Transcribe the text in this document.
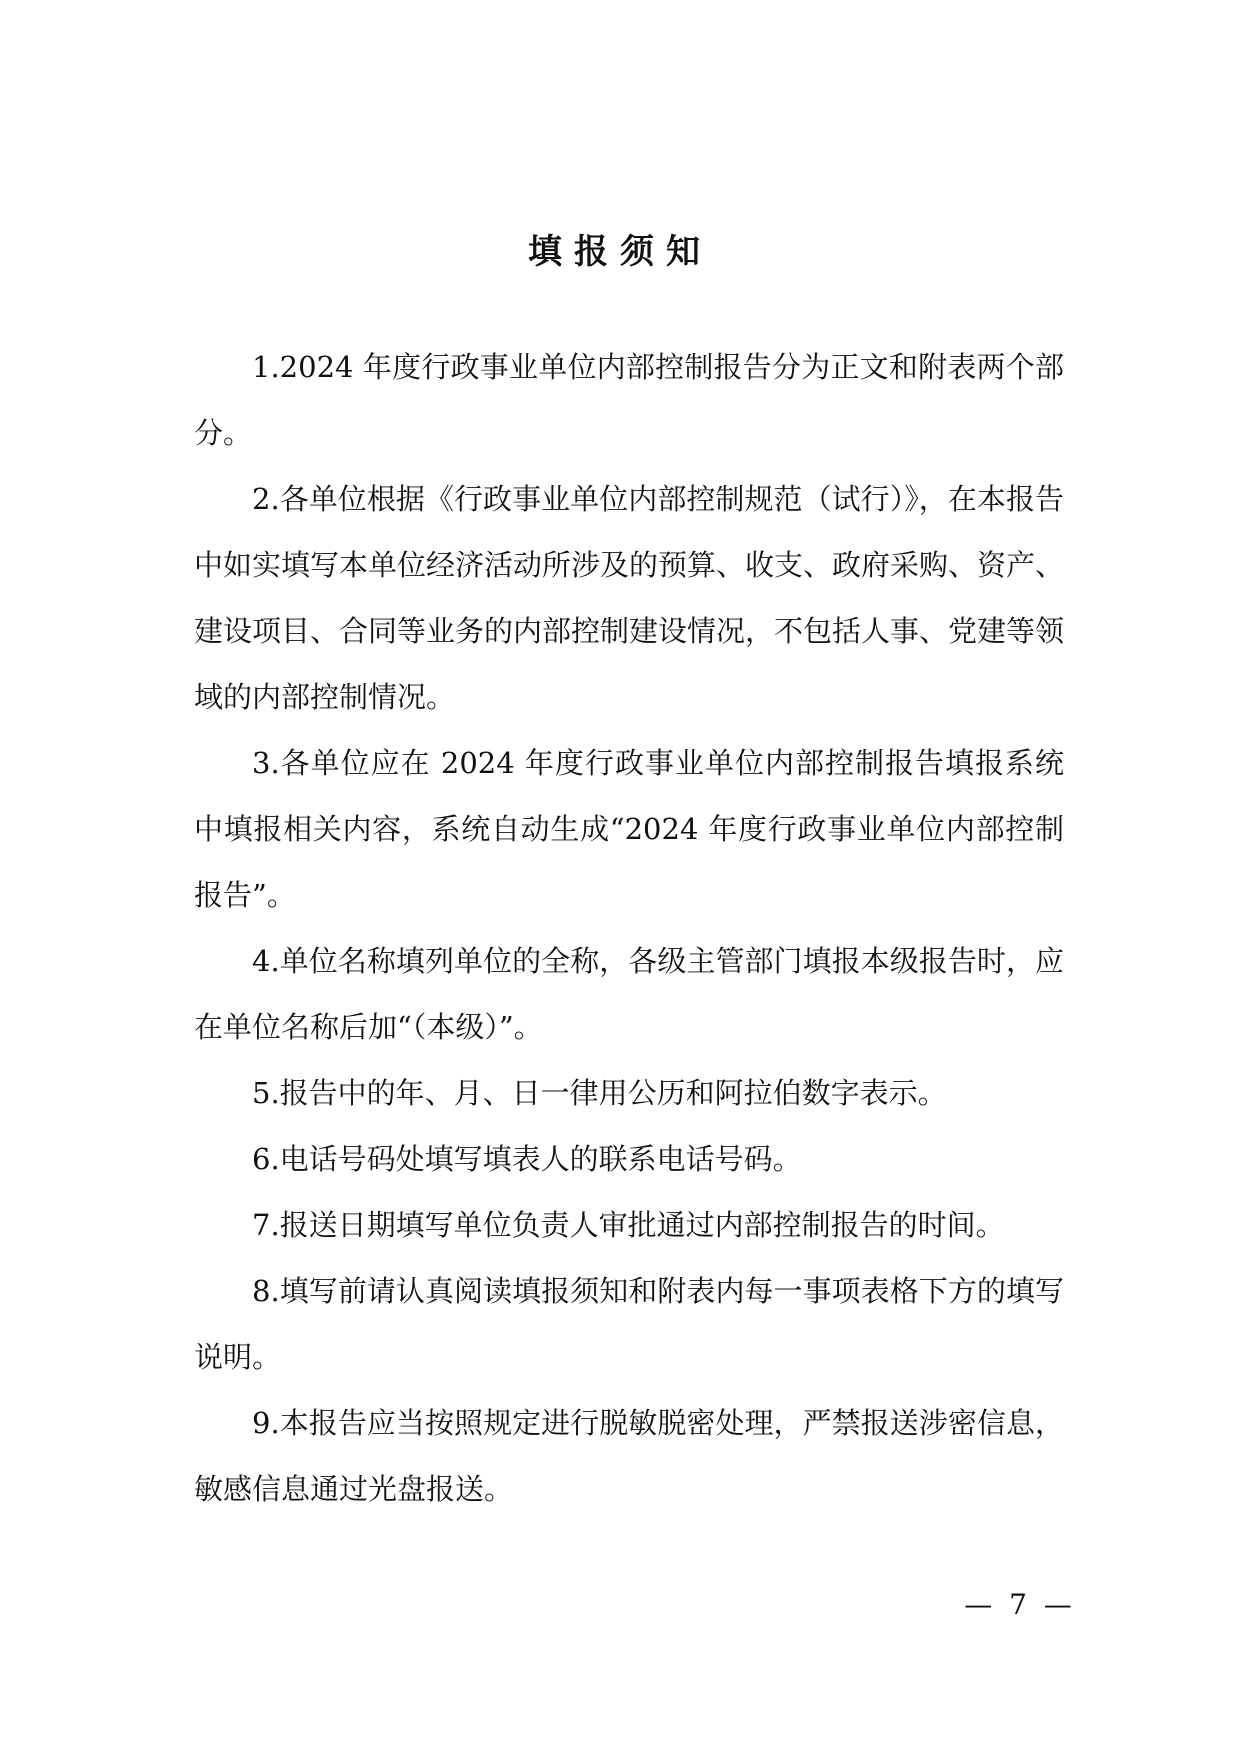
填报须知

1.2024 年度行政事业单位内部控制报告分为正文和附表两个部分。

2.各单位根据《行政事业单位内部控制规范（试行）》，在本报告中如实填写本单位经济活动所涉及的预算、收支、政府采购、资产、建设项目、合同等业务的内部控制建设情况，不包括人事、党建等领域的内部控制情况。

3.各单位应在 2024 年度行政事业单位内部控制报告填报系统中填报相关内容，系统自动生成“2024 年度行政事业单位内部控制报告”。

4.单位名称填列单位的全称，各级主管部门填报本级报告时，应在单位名称后加“（本级）”。

5.报告中的年、月、日一律用公历和阿拉伯数字表示。

6.电话号码处填写填表人的联系电话号码。

7.报送日期填写单位负责人审批通过内部控制报告的时间。

8.填写前请认真阅读填报须知和附表内每一事项表格下方的填写说明。

9.本报告应当按照规定进行脱敏脱密处理，严禁报送涉密信息，敏感信息通过光盘报送。

— 7 —
